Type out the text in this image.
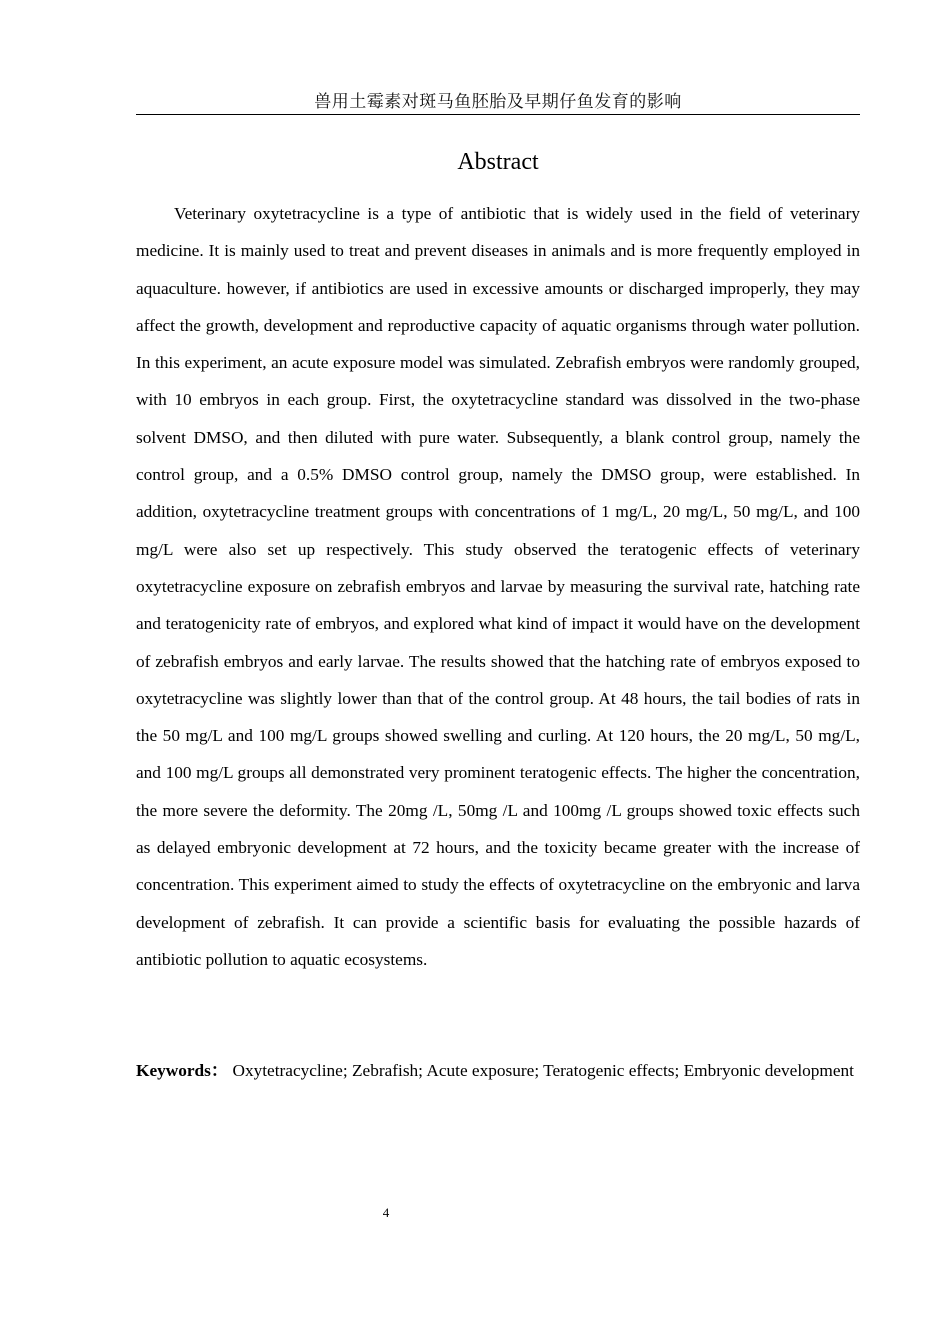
兽用土霉素对斑马鱼胚胎及早期仔鱼发育的影响
Abstract

Veterinary oxytetracycline is a type of antibiotic that is widely used in the field of veterinary medicine. It is mainly used to treat and prevent diseases in animals and is more frequently employed in aquaculture. however, if antibiotics are used in excessive amounts or discharged improperly, they may affect the growth, development and reproductive capacity of aquatic organisms through water pollution. In this experiment, an acute exposure model was simulated. Zebrafish embryos were randomly grouped, with 10 embryos in each group. First, the oxytetracycline standard was dissolved in the two-phase solvent DMSO, and then diluted with pure water. Subsequently, a blank control group, namely the control group, and a 0.5% DMSO control group, namely the DMSO group, were established. In addition, oxytetracycline treatment groups with concentrations of 1 mg/L, 20 mg/L, 50 mg/L, and 100 mg/L were also set up respectively. This study observed the teratogenic effects of veterinary oxytetracycline exposure on zebrafish embryos and larvae by measuring the survival rate, hatching rate and teratogenicity rate of embryos, and explored what kind of impact it would have on the development of zebrafish embryos and early larvae. The results showed that the hatching rate of embryos exposed to oxytetracycline was slightly lower than that of the control group. At 48 hours, the tail bodies of rats in the 50 mg/L and 100 mg/L groups showed swelling and curling. At 120 hours, the 20 mg/L, 50 mg/L, and 100 mg/L groups all demonstrated very prominent teratogenic effects. The higher the concentration, the more severe the deformity. The 20mg /L, 50mg /L and 100mg /L groups showed toxic effects such as delayed embryonic development at 72 hours, and the toxicity became greater with the increase of concentration. This experiment aimed to study the effects of oxytetracycline on the embryonic and larva development of zebrafish. It can provide a scientific basis for evaluating the possible hazards of antibiotic pollution to aquatic ecosystems.

Keywords： Oxytetracycline; Zebrafish; Acute exposure; Teratogenic effects; Embryonic development

4
